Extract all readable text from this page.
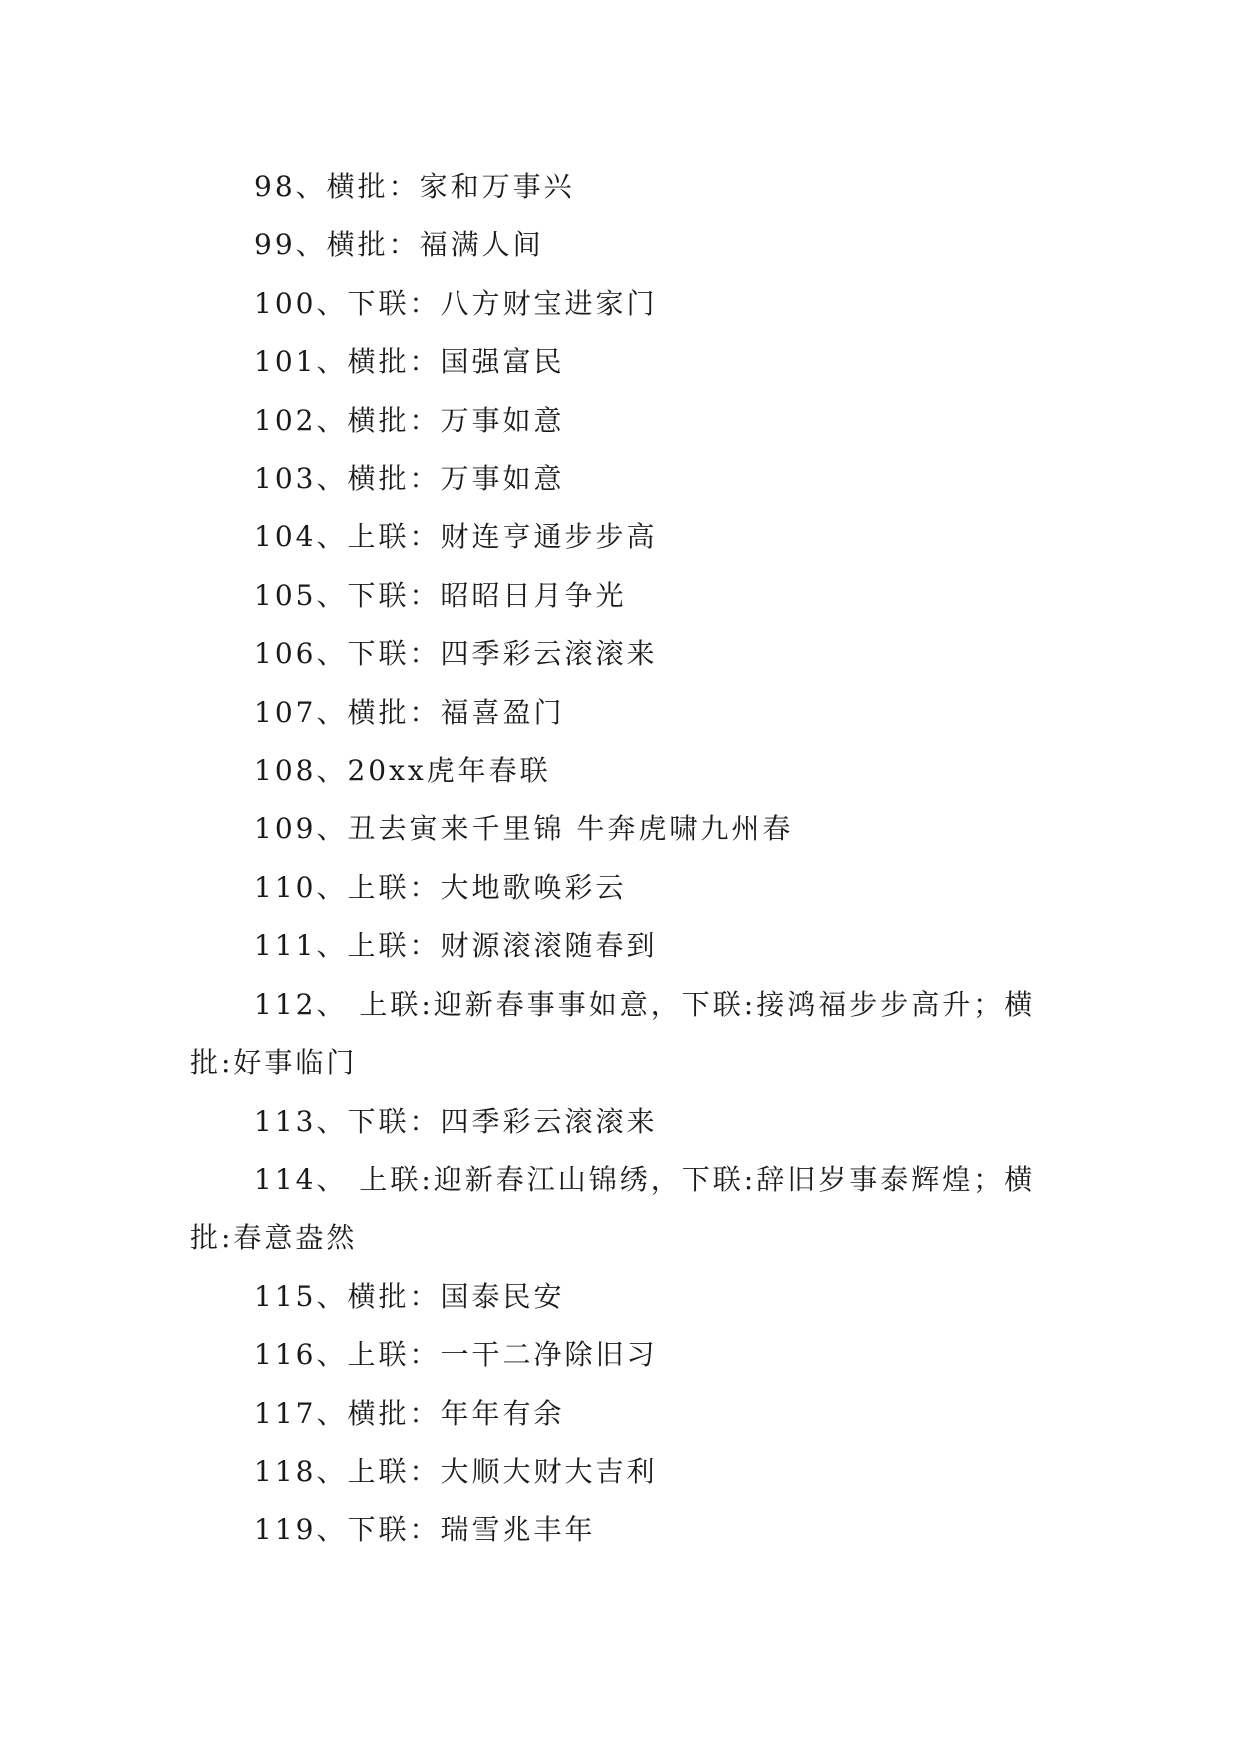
98、横批：家和万事兴

99、横批：福满人间

100、下联：八方财宝进家门

101、横批：国强富民

102、横批：万事如意

103、横批：万事如意

104、上联：财连亨通步步高

105、下联：昭昭日月争光

106、下联：四季彩云滚滚来

107、横批：福喜盈门

108、20xx虎年春联

109、丑去寅来千里锦 牛奔虎啸九州春

110、上联：大地歌唤彩云

111、上联：财源滚滚随春到

112、 上联:迎新春事事如意，下联:接鸿福步步高升；横批:好事临门

113、下联：四季彩云滚滚来

114、 上联:迎新春江山锦绣，下联:辞旧岁事泰辉煌；横批:春意盎然

115、横批：国泰民安

116、上联：一干二净除旧习

117、横批：年年有余

118、上联：大顺大财大吉利

119、下联：瑞雪兆丰年
